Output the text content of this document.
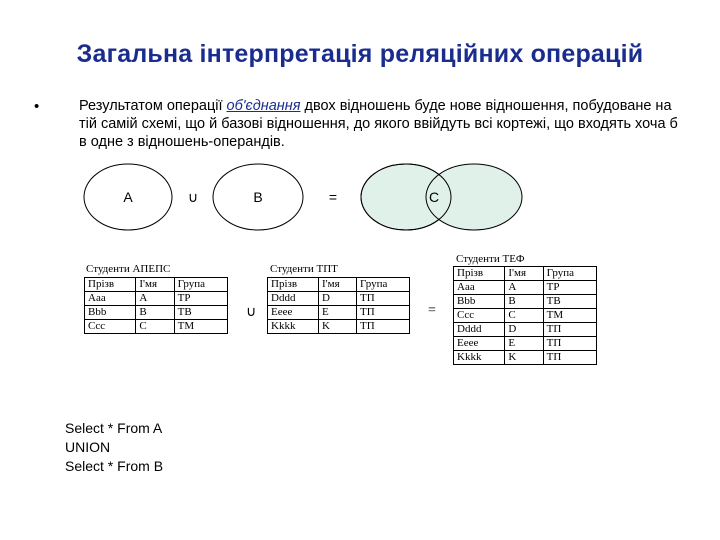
Загальна інтерпретація реляційних операцій
•	Результатом операції об'єднання двох відношень буде нове відношення, побудоване на тій самій схемі, що й базові відношення, до якого ввійдуть всі кортежі, що входять хоча б в одне з відношень-операндів.
A	∪	B	=	C
Студенти АПЕПС
Прізв	І'мя	Група
Aaa	A	TP
Bbb	B	TB
Ccc	C	TM
∪
Студенти ТПТ
Прізв	І'мя	Група
Dddd	D	ТП
Eeee	E	ТП
Kkkk	K	ТП
=
Студенти ТЕФ
Прізв	І'мя	Група
Aaa	A	TP
Bbb	B	TB
Ccc	C	TM
Dddd	D	ТП
Eeee	E	ТП
Kkkk	K	ТП
Select * From A
UNION
Select * From B
